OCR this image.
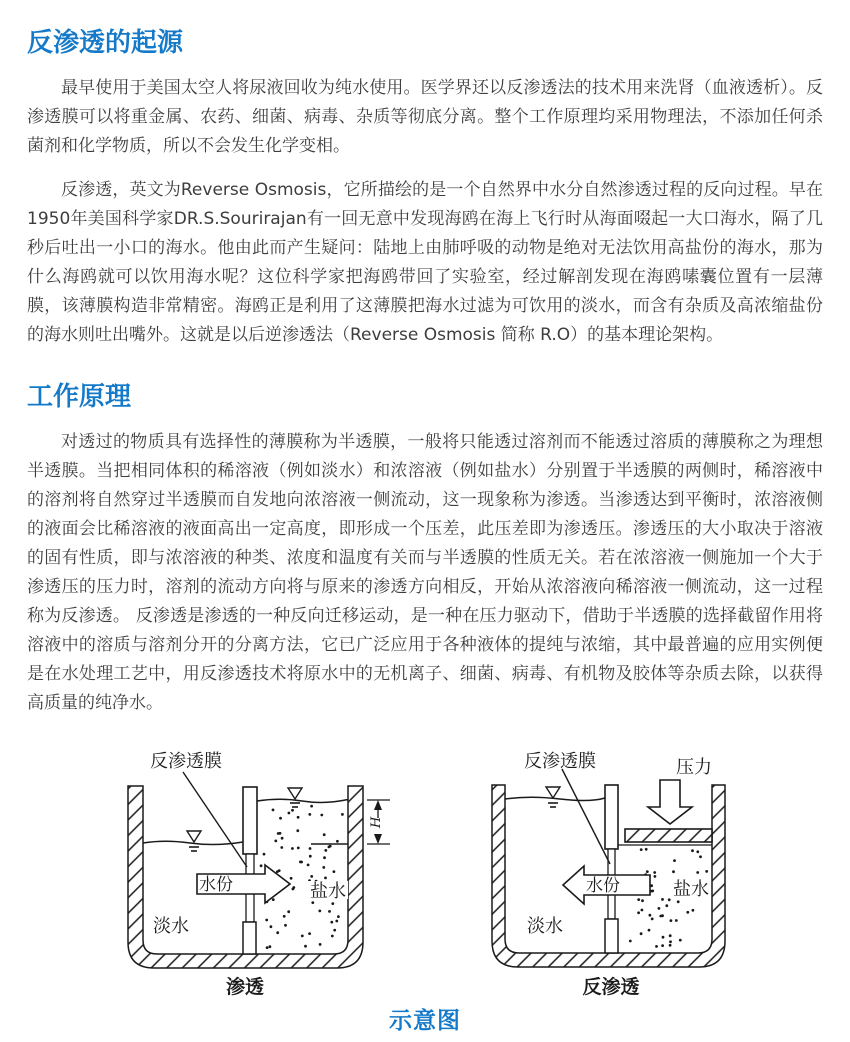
反渗透的起源

最早使用于美国太空人将尿液回收为纯水使用。医学界还以反渗透法的技术用来洗肾（血液透析）。反渗透膜可以将重金属、农药、细菌、病毒、杂质等彻底分离。整个工作原理均采用物理法，不添加任何杀菌剂和化学物质，所以不会发生化学变相。

反渗透，英文为Reverse Osmosis，它所描绘的是一个自然界中水分自然渗透过程的反向过程。早在1950年美国科学家DR.S.Sourirajan有一回无意中发现海鸥在海上飞行时从海面啜起一大口海水，隔了几秒后吐出一小口的海水。他由此而产生疑问：陆地上由肺呼吸的动物是绝对无法饮用高盐份的海水，那为什么海鸥就可以饮用海水呢？这位科学家把海鸥带回了实验室，经过解剖发现在海鸥嗉囊位置有一层薄膜，该薄膜构造非常精密。海鸥正是利用了这薄膜把海水过滤为可饮用的淡水，而含有杂质及高浓缩盐份的海水则吐出嘴外。这就是以后逆渗透法（Reverse Osmosis 简称 R.O）的基本理论架构。

工作原理

对透过的物质具有选择性的薄膜称为半透膜，一般将只能透过溶剂而不能透过溶质的薄膜称之为理想半透膜。当把相同体积的稀溶液（例如淡水）和浓溶液（例如盐水）分别置于半透膜的两侧时，稀溶液中的溶剂将自然穿过半透膜而自发地向浓溶液一侧流动，这一现象称为渗透。当渗透达到平衡时，浓溶液侧的液面会比稀溶液的液面高出一定高度，即形成一个压差，此压差即为渗透压。渗透压的大小取决于溶液的固有性质，即与浓溶液的种类、浓度和温度有关而与半透膜的性质无关。若在浓溶液一侧施加一个大于渗透压的压力时，溶剂的流动方向将与原来的渗透方向相反，开始从浓溶液向稀溶液一侧流动，这一过程称为反渗透。 反渗透是渗透的一种反向迁移运动，是一种在压力驱动下，借助于半透膜的选择截留作用将溶液中的溶质与溶剂分开的分离方法，它已广泛应用于各种液体的提纯与浓缩，其中最普遍的应用实例便是在水处理工艺中，用反渗透技术将原水中的无机离子、细菌、病毒、有机物及胶体等杂质去除，以获得高质量的纯净水。

水份
淡水
盐水
H
反渗透膜
渗透
压力
水份	盐水
淡水
反渗透膜
反渗透
示意图
